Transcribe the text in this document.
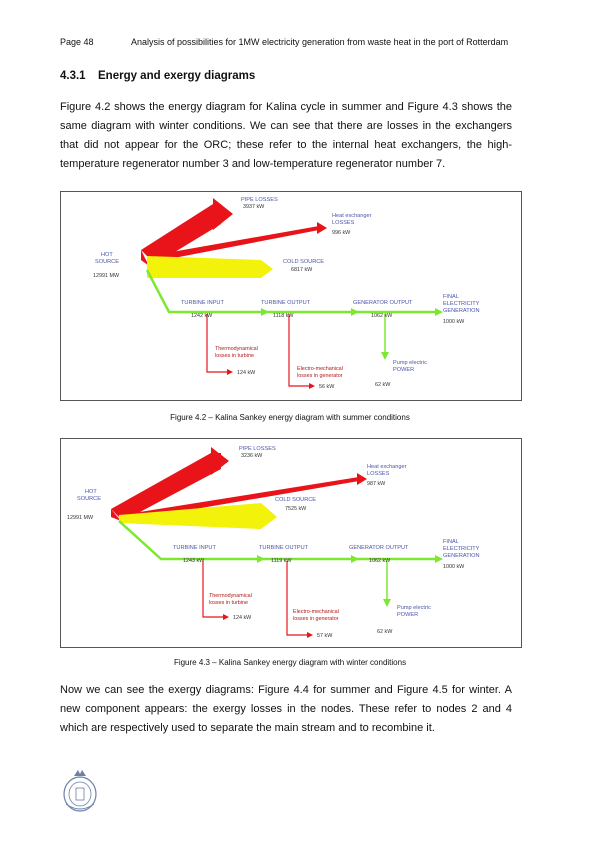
Page 48	Analysis of possibilities for 1MW electricity generation from waste heat in the port of Rotterdam
4.3.1 Energy and exergy diagrams
Figure 4.2 shows the energy diagram for Kalina cycle in summer and Figure 4.3 shows the same diagram with winter conditions. We can see that there are losses in the exchangers that did not appear for the ORC; these refer to the internal heat exchangers, the high-temperature regenerator number 3 and low-temperature regenerator number 7.
HOT
SOURCE
12991 MW
PIPE LOSSES
3937 kW
Heat exchanger
LOSSES
996 kW
COLD SOURCE
6817 kW
TURBINE INPUT
1242 kW
TURBINE OUTPUT
1118 kW
GENERATOR OUTPUT
1062 kW
FINAL
ELECTRICITY
GENERATION
1000 kW
Thermodynamical
losses in turbine
124 kW
Electro-mechanical
losses in generator
56 kW
Pump electric
POWER
62 kW
Figure 4.2 – Kalina Sankey energy diagram with summer conditions
HOT
SOURCE
12991 MW
PIPE LOSSES
3236 kW
Heat exchanger
LOSSES
987 kW
COLD SOURCE
7525 kW
TURBINE INPUT
1243 kW
TURBINE OUTPUT
1119 kW
GENERATOR OUTPUT
1062 kW
FINAL
ELECTRICITY
GENERATION
1000 kW
Thermodynamical
losses in turbine
124 kW
Electro-mechanical
losses in generator
57 kW
Pump electric
POWER
62 kW
Figure 4.3 – Kalina Sankey energy diagram with winter conditions
Now we can see the exergy diagrams: Figure 4.4 for summer and Figure 4.5 for winter. A new component appears: the exergy losses in the nodes. These refer to nodes 2 and 4 which are respectively used to separate the main stream and to recombine it.
